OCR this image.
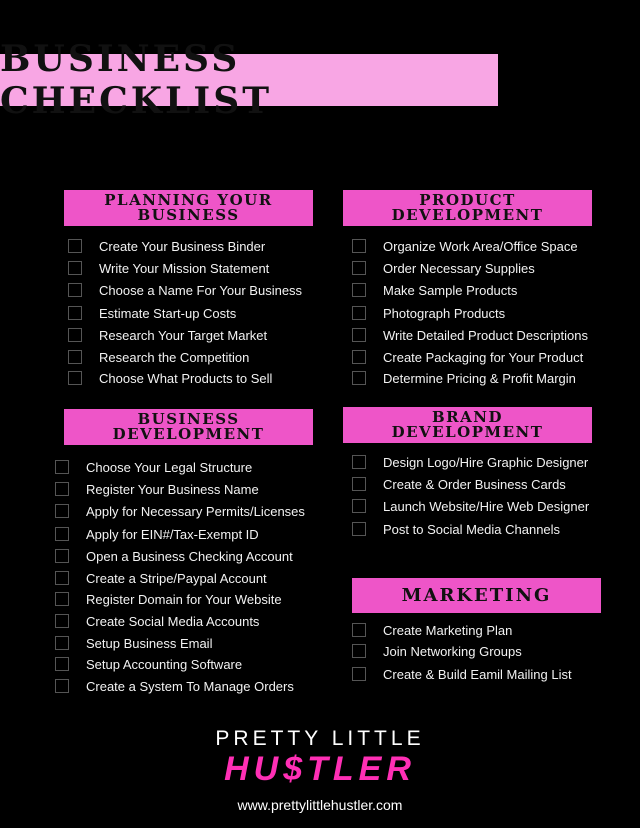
BUSINESS CHECKLIST
PLANNING YOUR
BUSINESS
Create Your Business Binder
Write Your Mission Statement
Choose a Name For Your Business
Estimate Start-up Costs
Research Your Target Market
Research the Competition
Choose What Products to Sell
PRODUCT
DEVELOPMENT
Organize Work Area/Office Space
Order Necessary Supplies
Make Sample Products
Photograph Products
Write Detailed Product Descriptions
Create Packaging for Your Product
Determine Pricing & Profit Margin
BUSINESS
DEVELOPMENT
Choose Your Legal Structure
Register Your Business Name
Apply for Necessary Permits/Licenses
Apply for EIN#/Tax-Exempt ID
Open a Business Checking Account
Create a Stripe/Paypal Account
Register Domain for Your Website
Create Social Media Accounts
Setup Business Email
Setup Accounting Software
Create a System To Manage Orders
BRAND
DEVELOPMENT
Design Logo/Hire Graphic Designer
Create & Order Business Cards
Launch Website/Hire Web Designer
Post to Social Media Channels
MARKETING
Create Marketing Plan
Join Networking Groups
Create & Build Eamil Mailing List
PRETTY LITTLE
HU$TLER
www.prettylittlehustler.com
